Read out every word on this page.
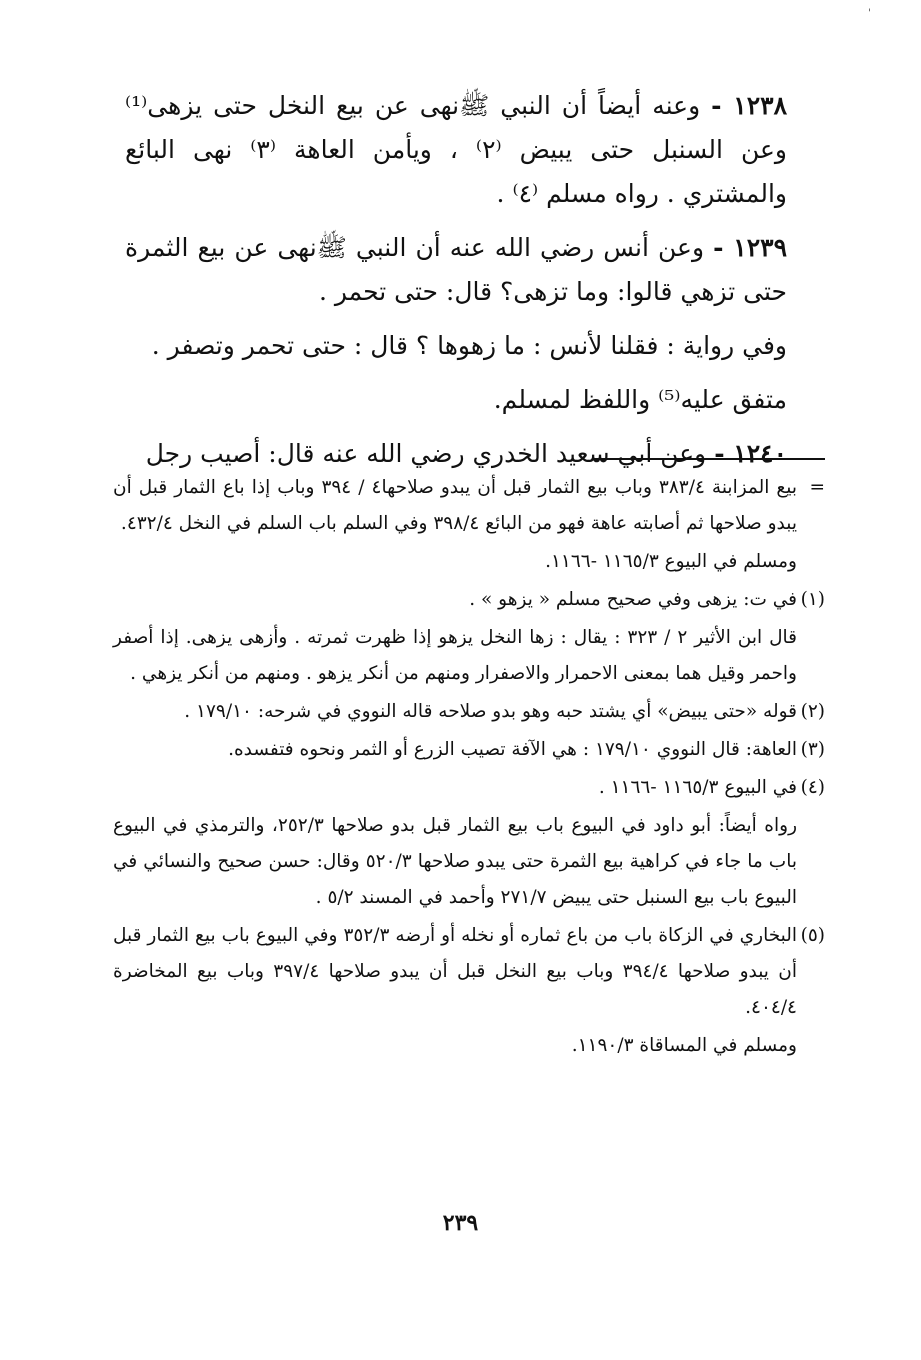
'

١٢٣٨ - وعنه أيضاً أن النبي ﷺنهى عن بيع النخل حتى يزهى⁽¹⁾ وعن السنبل حتى يبيض ⁽٢⁾ ، ويأمن العاهة ⁽٣⁾ نهى البائع والمشتري . رواه مسلم ⁽٤⁾ .

١٢٣٩ - وعن أنس رضي الله عنه أن النبي ﷺنهى عن بيع الثمرة حتى تزهي قالوا: وما تزهى؟ قال: حتى تحمر .

وفي رواية : فقلنا لأنس : ما زهوها ؟ قال : حتى تحمر وتصفر .

متفق عليه⁽⁵⁾ واللفظ لمسلم.

١٢٤٠ - وعن أبي سعيد الخدري رضي الله عنه قال: أصيب رجل

=بيع المزابنة ٣٨٣/٤ وباب بيع الثمار قبل أن يبدو صلاحها٤ / ٣٩٤ وباب إذا باع الثمار قبل أن يبدو صلاحها ثم أصابته عاهة فهو من البائع ٣٩٨/٤ وفي السلم باب السلم في النخل ٤٣٢/٤.

ومسلم في البيوع ١١٦٥/٣ -١١٦٦.

(١)في ت: يزهى وفي صحيح مسلم « يزهو » .

قال ابن الأثير ٢ / ٣٢٣ : يقال : زها النخل يزهو إذا ظهرت ثمرته . وأزهى يزهى. إذا أصفر واحمر وقيل هما بمعنى الاحمرار والاصفرار ومنهم من أنكر يزهو . ومنهم من أنكر يزهي .

(٢)قوله «حتى يبيض» أي يشتد حبه وهو بدو صلاحه قاله النووي في شرحه: ١٧٩/١٠ .

(٣)العاهة: قال النووي ١٧٩/١٠ : هي الآفة تصيب الزرع أو الثمر ونحوه فتفسده.

(٤)في البيوع ١١٦٥/٣ -١١٦٦ .

رواه أيضاً: أبو داود في البيوع باب بيع الثمار قبل بدو صلاحها ٢٥٢/٣، والترمذي في البيوع باب ما جاء في كراهية بيع الثمرة حتى يبدو صلاحها ٥٢٠/٣ وقال: حسن صحيح والنسائي في البيوع باب بيع السنبل حتى يبيض ٢٧١/٧ وأحمد في المسند ٥/٢ .

(٥)البخاري في الزكاة باب من باع ثماره أو نخله أو أرضه ٣٥٢/٣ وفي البيوع باب بيع الثمار قبل أن يبدو صلاحها ٣٩٤/٤ وباب بيع النخل قبل أن يبدو صلاحها ٣٩٧/٤ وباب بيع المخاضرة ٤٠٤/٤.

ومسلم في المساقاة ١١٩٠/٣.

٢٣٩
